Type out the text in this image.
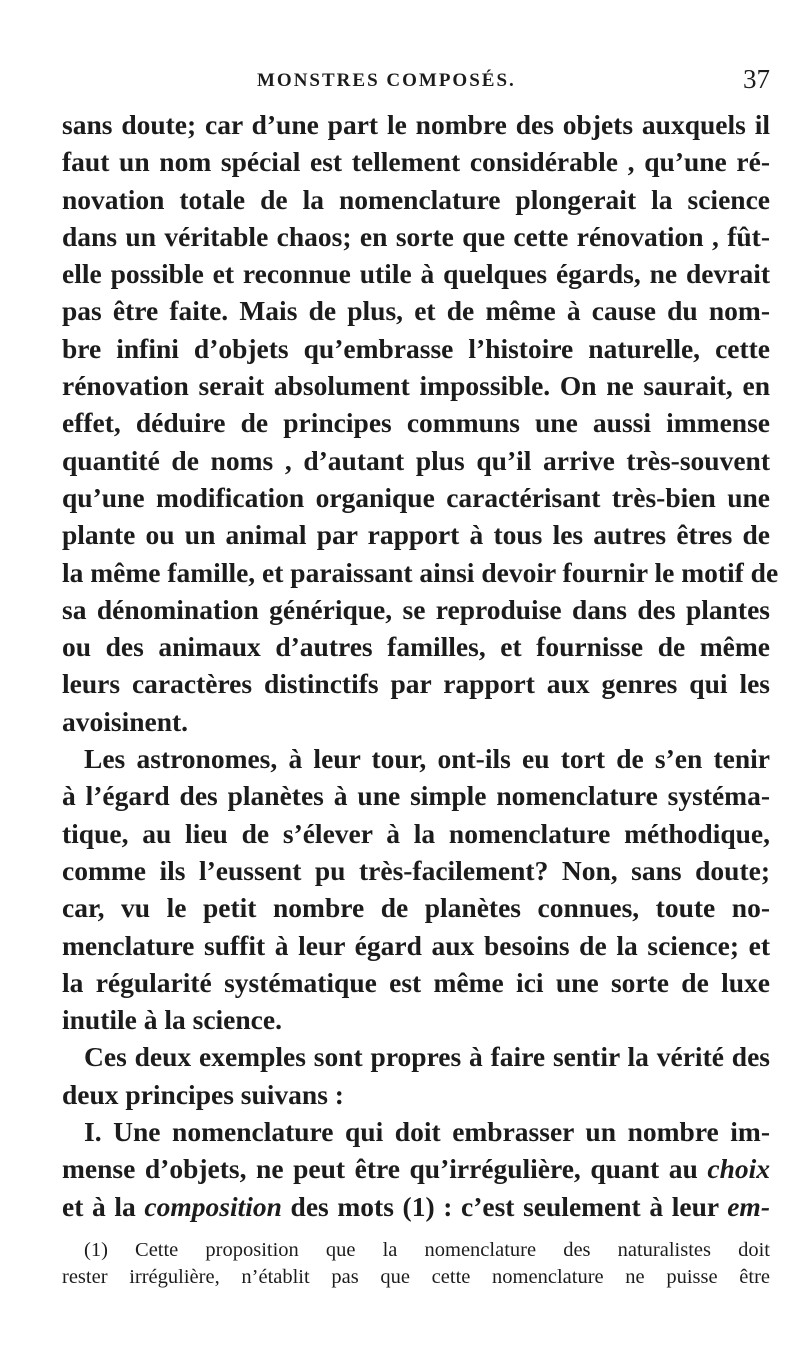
MONSTRES COMPOSÉS.	37
sans doute; car d’une part le nombre des objets auxquels il
faut un nom spécial est tellement considérable , qu’une ré-
novation totale de la nomenclature plongerait la science
dans un véritable chaos; en sorte que cette rénovation , fût-
elle possible et reconnue utile à quelques égards, ne devrait
pas être faite. Mais de plus, et de même à cause du nom-
bre infini d’objets qu’embrasse l’histoire naturelle, cette
rénovation serait absolument impossible. On ne saurait, en
effet, déduire de principes communs une aussi immense
quantité de noms , d’autant plus qu’il arrive très-souvent
qu’une modification organique caractérisant très-bien une
plante ou un animal par rapport à tous les autres êtres de
la même famille, et paraissant ainsi devoir fournir le motif de
sa dénomination générique, se reproduise dans des plantes
ou des animaux d’autres familles, et fournisse de même
leurs caractères distinctifs par rapport aux genres qui les
avoisinent.
Les astronomes, à leur tour, ont-ils eu tort de s’en tenir
à l’égard des planètes à une simple nomenclature systéma-
tique, au lieu de s’élever à la nomenclature méthodique,
comme ils l’eussent pu très-facilement? Non, sans doute;
car, vu le petit nombre de planètes connues, toute no-
menclature suffit à leur égard aux besoins de la science; et
la régularité systématique est même ici une sorte de luxe
inutile à la science.
Ces deux exemples sont propres à faire sentir la vérité des
deux principes suivans :
I. Une nomenclature qui doit embrasser un nombre im-
mense d’objets, ne peut être qu’irrégulière, quant au choix
et à la composition des mots (1) : c’est seulement à leur em-
(1) Cette proposition que la nomenclature des naturalistes doit
rester irrégulière, n’établit pas que cette nomenclature ne puisse être
